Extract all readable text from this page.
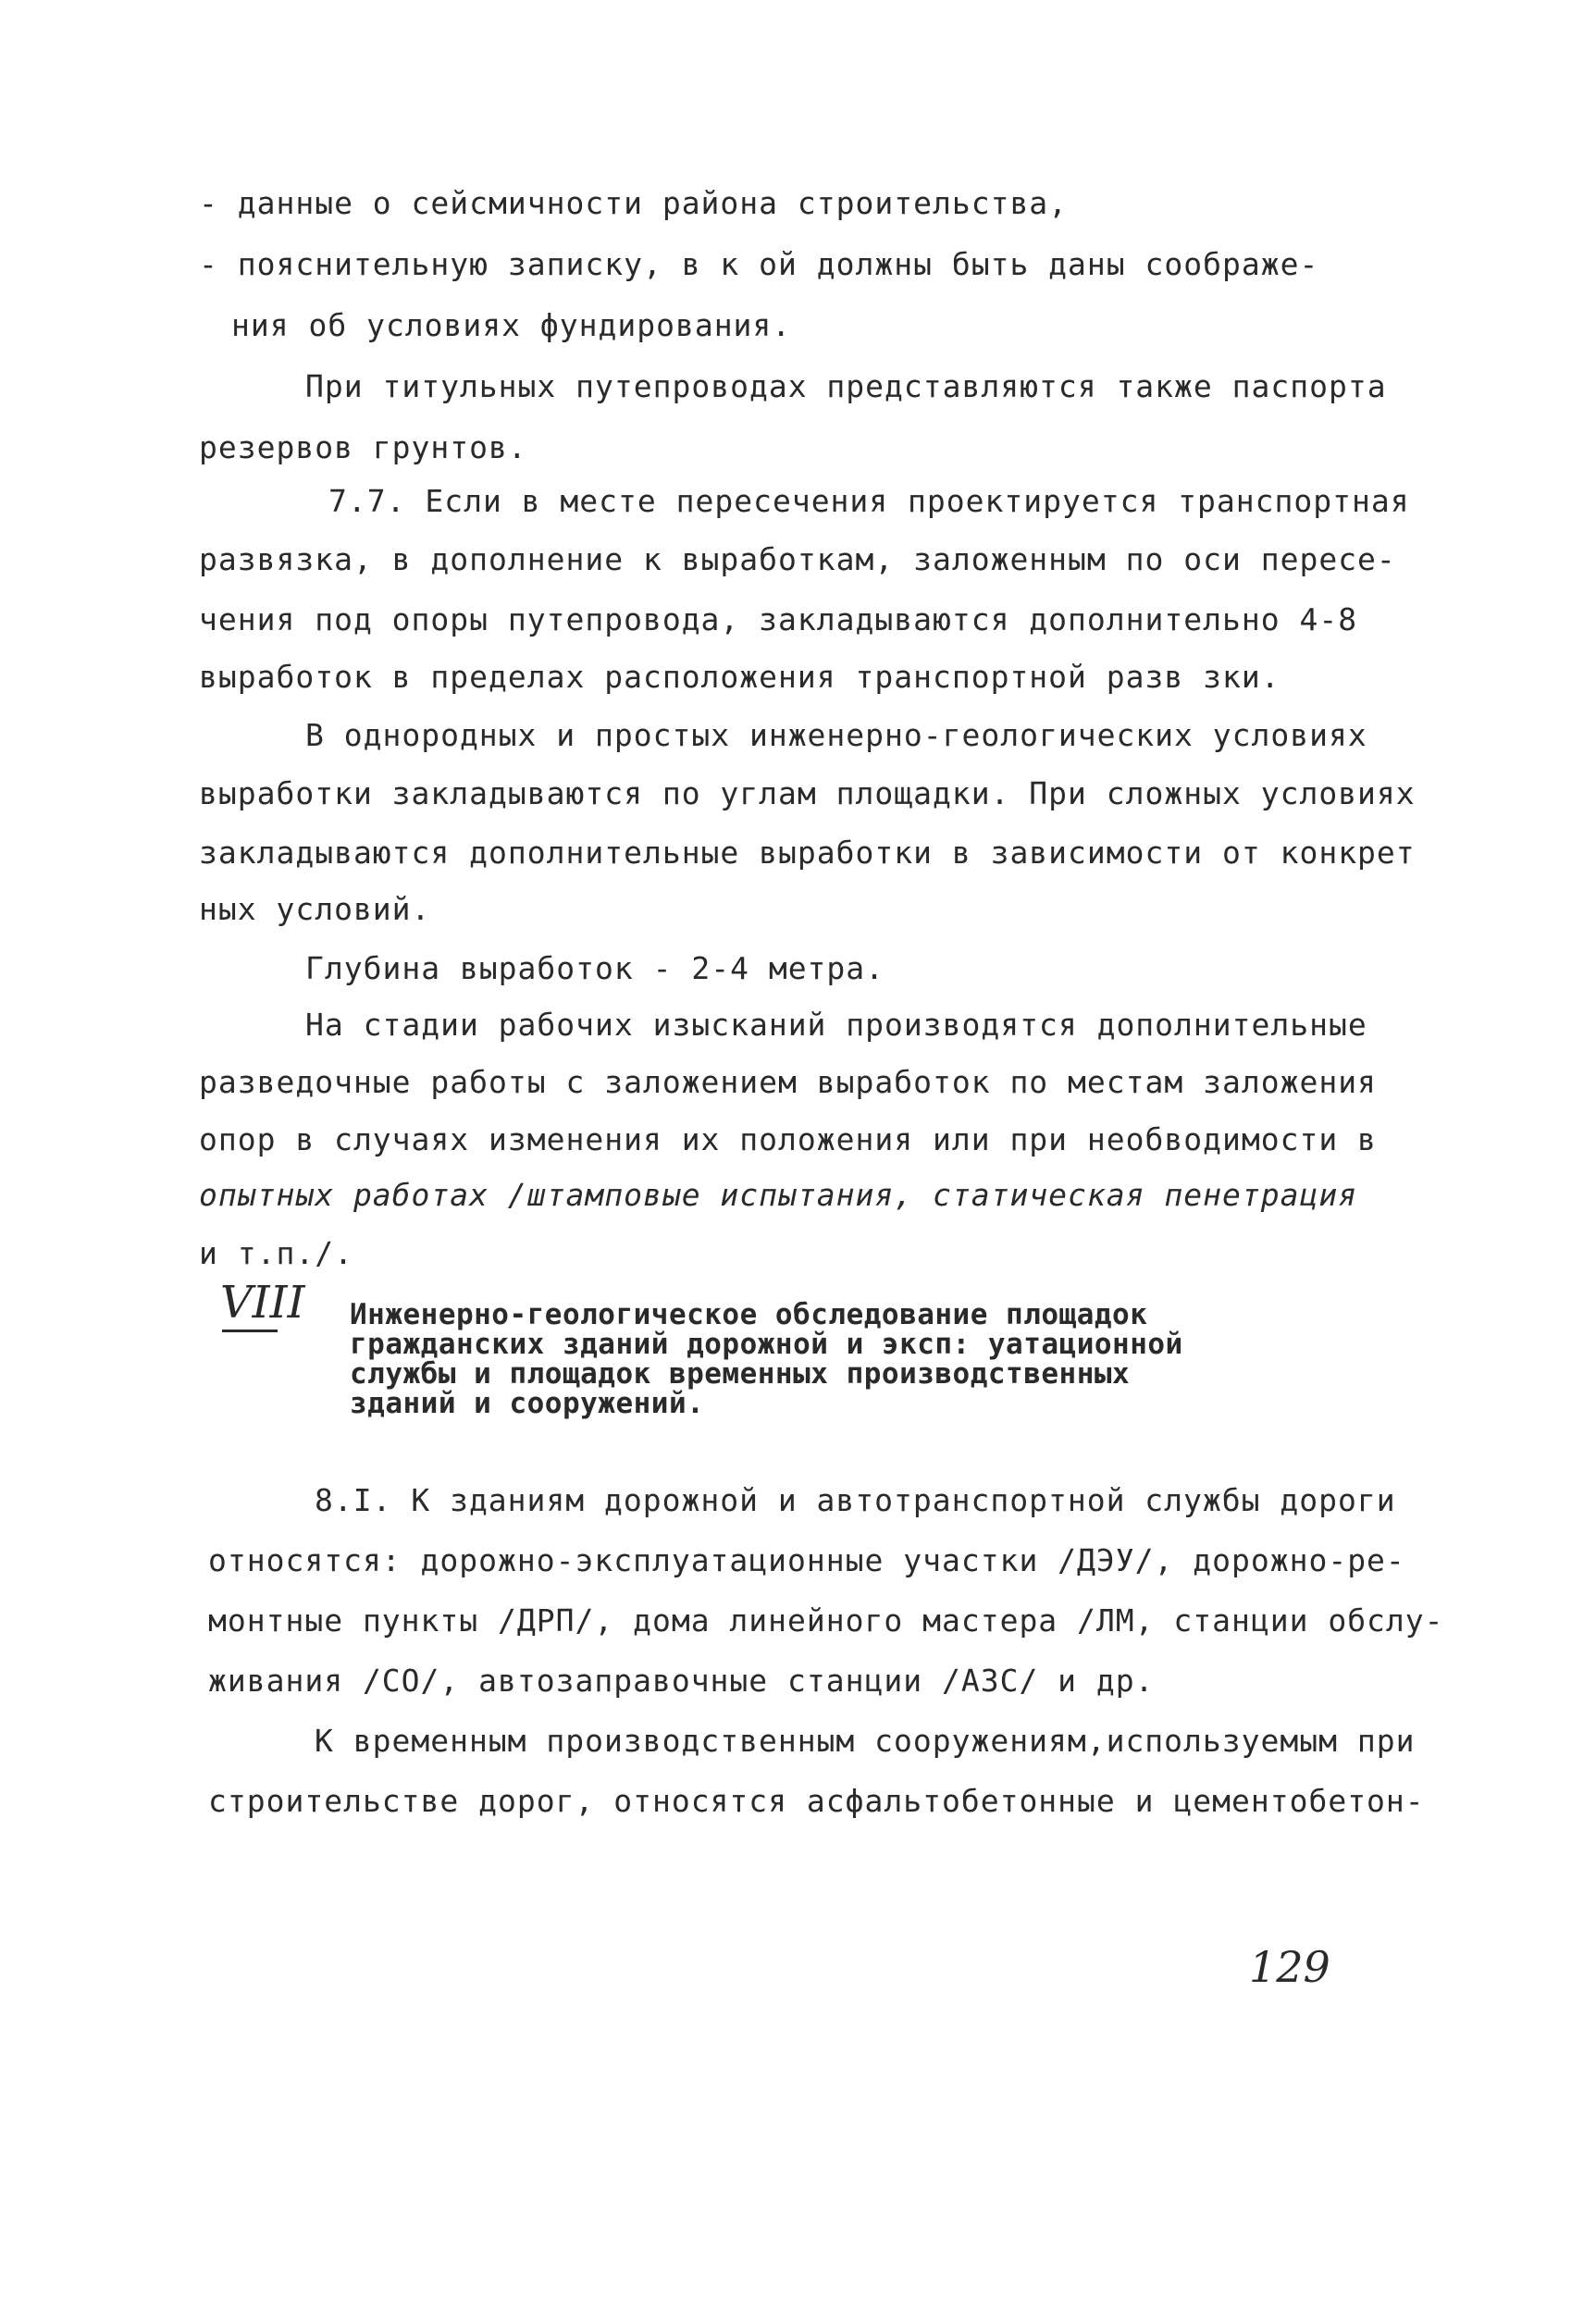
- данные о сейсмичности района строительства,
- пояснительную записку, в к ой должны быть даны соображе-
ния об условиях фундирования.
При титульных путепроводах представляются также паспорта
резервов грунтов.
7.7. Если в месте пересечения проектируется транспортная
развязка, в дополнение к выработкам, заложенным по оси пересе-
чения под опоры путепровода, закладываются дополнительно 4-8
выработок в пределах расположения транспортной разв зки.
В однородных и простых инженерно-геологических условиях
выработки закладываются по углам площадки. При сложных условиях
закладываются дополнительные выработки в зависимости от конкрет
ных условий.
Глубина выработок - 2-4 метра.
На стадии рабочих изысканий производятся дополнительные
разведочные работы с заложением выработок по местам заложения
опор в случаях изменения их положения или при необводимости в
опытных работах /штамповые испытания, статическая пенетрация
и т.п./.
VIII Инженерно-геологическое обследование площадок
гражданских зданий дорожной и эксп: уатационной
службы и площадок временных производственных
зданий и сооружений.
8.I. К зданиям дорожной и автотранспортной службы дороги
относятся: дорожно-эксплуатационные участки /ДЭУ/, дорожно-ре-
монтные пункты /ДРП/, дома линейного мастера /ЛМ, станции обслу-
живания /СО/, автозаправочные станции /АЗС/ и др.
К временным производственным сооружениям,используемым при
строительстве дорог, относятся асфальтобетонные и цементобетон-
129
